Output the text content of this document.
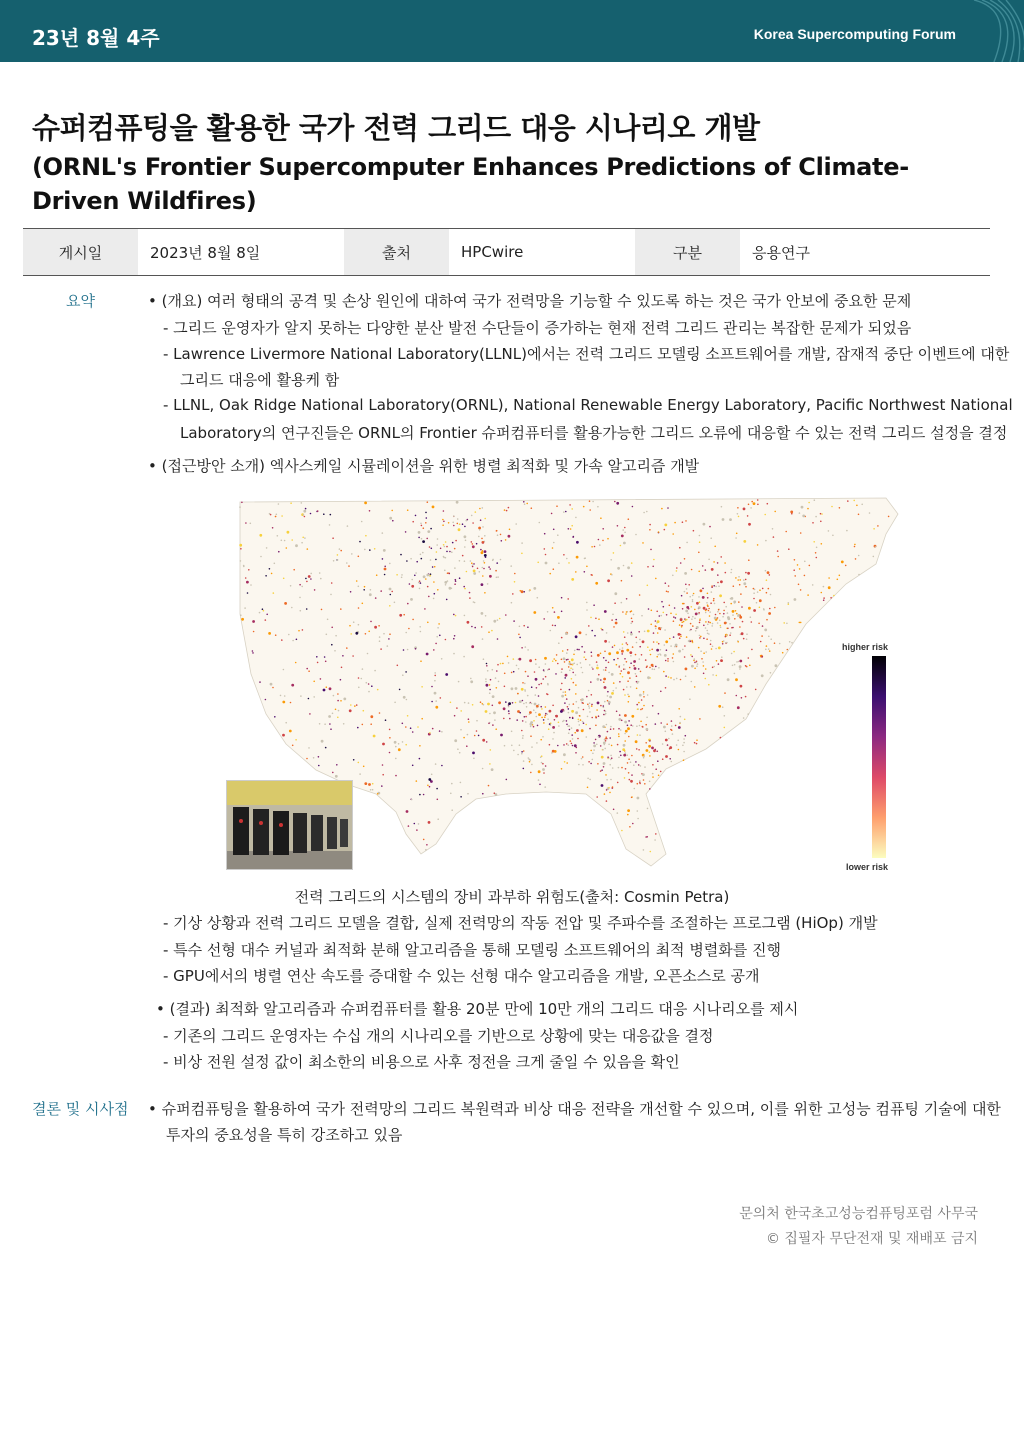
23년 8월 4주	Korea Supercomputing Forum
슈퍼컴퓨팅을 활용한 국가 전력 그리드 대응 시나리오 개발
(ORNL's Frontier Supercomputer Enhances Predictions of Climate-Driven Wildfires)
게시일	2023년 8월 8일	출처	HPCwire	구분	응용연구
요약	• (개요) 여러 형태의 공격 및 손상 원인에 대하여 국가 전력망을 기능할 수 있도록 하는 것은 국가 안보에 중요한 문제
- 그리드 운영자가 알지 못하는 다양한 분산 발전 수단들이 증가하는 현재 전력 그리드 관리는 복잡한 문제가 되었음
- Lawrence Livermore National Laboratory(LLNL)에서는 전력 그리드 모델링 소프트웨어를 개발, 잠재적 중단 이벤트에 대한
그리드 대응에 활용케 함
- LLNL, Oak Ridge National Laboratory(ORNL), National Renewable Energy Laboratory, Pacific Northwest National
Laboratory의 연구진들은 ORNL의 Frontier 슈퍼컴퓨터를 활용가능한 그리드 오류에 대응할 수 있는 전력 그리드 설정을 결정
• (접근방안 소개) 엑사스케일 시뮬레이션을 위한 병렬 최적화 및 가속 알고리즘 개발
higher risk
lower risk
전력 그리드의 시스템의 장비 과부하 위험도(출처: Cosmin Petra)
- 기상 상황과 전력 그리드 모델을 결합, 실제 전력망의 작동 전압 및 주파수를 조절하는 프로그램 (HiOp) 개발
- 특수 선형 대수 커널과 최적화 분해 알고리즘을 통해 모델링 소프트웨어의 최적 병렬화를 진행
- GPU에서의 병렬 연산 속도를 증대할 수 있는 선형 대수 알고리즘을 개발, 오픈소스로 공개
• (결과) 최적화 알고리즘과 슈퍼컴퓨터를 활용 20분 만에 10만 개의 그리드 대응 시나리오를 제시
- 기존의 그리드 운영자는 수십 개의 시나리오를 기반으로 상황에 맞는 대응값을 결정
- 비상 전원 설정 값이 최소한의 비용으로 사후 정전을 크게 줄일 수 있음을 확인
결론 및 시사점 • 슈퍼컴퓨팅을 활용하여 국가 전력망의 그리드 복원력과 비상 대응 전략을 개선할 수 있으며, 이를 위한 고성능 컴퓨팅 기술에 대한
투자의 중요성을 특히 강조하고 있음
문의처 한국초고성능컴퓨팅포럼 사무국
© 집필자 무단전재 및 재배포 금지
